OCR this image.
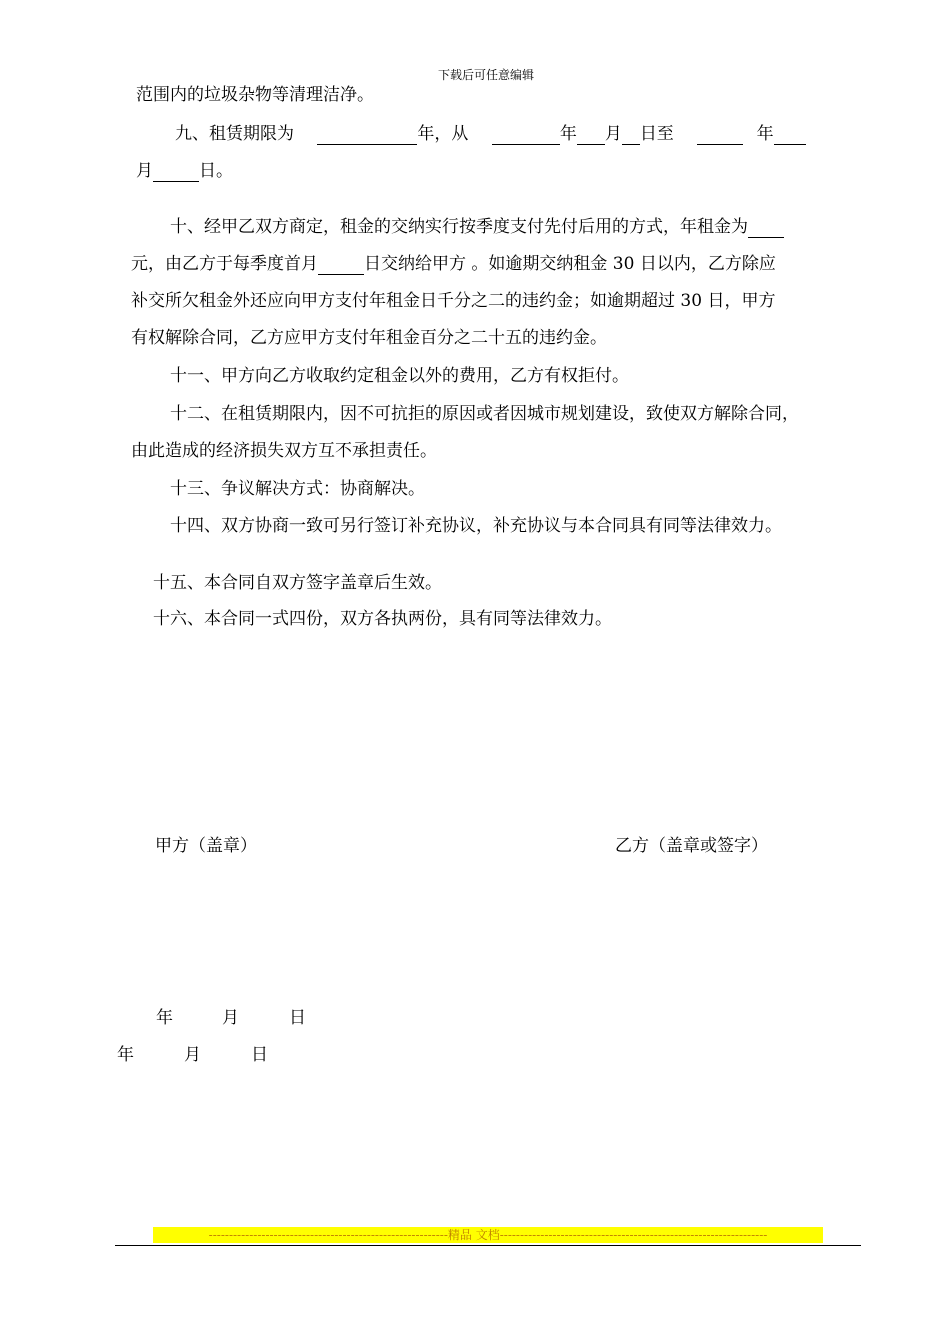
下载后可任意编辑
范围内的垃圾杂物等清理洁净。
九、租赁期限为	年，从	年 月 日至	年
月	日。
十、经甲乙双方商定，租金的交纳实行按季度支付先付后用的方式，年租金为
元，由乙方于每季度首月	日交纳给甲方 。如逾期交纳租金 30 日以内，乙方除应
补交所欠租金外还应向甲方支付年租金日千分之二的违约金；如逾期超过 30 日，甲方
有权解除合同，乙方应甲方支付年租金百分之二十五的违约金。
十一、甲方向乙方收取约定租金以外的费用，乙方有权拒付。
十二、在租赁期限内，因不可抗拒的原因或者因城市规划建设，致使双方解除合同，
由此造成的经济损失双方互不承担责任。
十三、争议解决方式：协商解决。
十四、双方协商一致可另行签订补充协议，补充协议与本合同具有同等法律效力。
十五、本合同自双方签字盖章后生效。
十六、本合同一式四份，双方各执两份，具有同等法律效力。
甲方（盖章）	乙方（盖章或签字）
年	月	日
年	月	日
-----------------------------------------------------------精品 文档------------------------------------------------------------------
